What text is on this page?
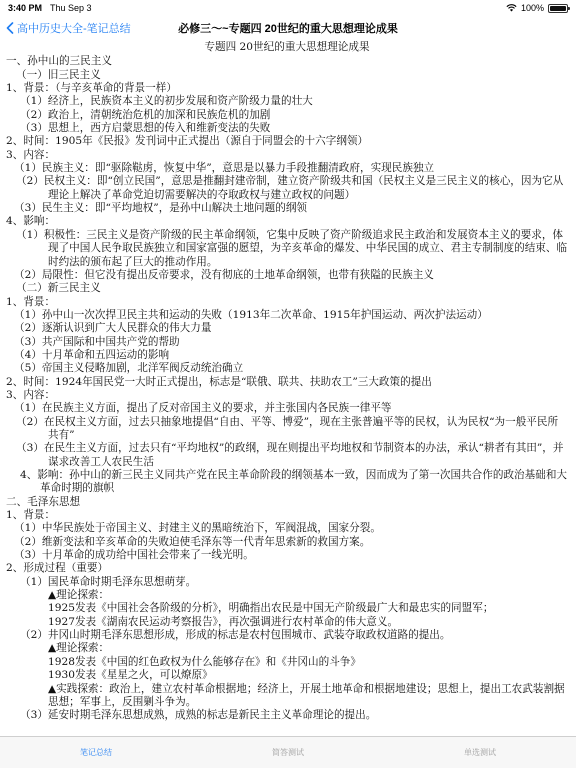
3:40 PM Thu Sep 3	100%
高中历史大全-笔记总结	必修三～~专题四 20世纪的重大思想理论成果
专题四 20世纪的重大思想理论成果
一、孙中山的三民主义
（一）旧三民主义
1、背景：（与辛亥革命的背景一样）
（1）经济上，民族资本主义的初步发展和资产阶级力量的壮大
（2）政治上，清朝统治危机的加深和民族危机的加剧
（3）思想上，西方启蒙思想的传入和维新变法的失败
2、时间：1905年《民报》发刊词中正式提出（源自于同盟会的十六字纲领）
3、内容：
（1）民族主义：即“驱除鞑虏，恢复中华”，意思是以暴力手段推翻清政府，实现民族独立
（2）民权主义：即“创立民国”，意思是推翻封建帝制，建立资产阶级共和国（民权主义是三民主义的核心，因为它从理论上解决了革命党迫切需要解决的夺取政权与建立政权的问题）
（3）民生主义：即“平均地权”，是孙中山解决土地问题的纲领
4、影响：
（1）积极性：三民主义是资产阶级的民主革命纲领，它集中反映了资产阶级追求民主政治和发展资本主义的要求，体现了中国人民争取民族独立和国家富强的愿望，为辛亥革命的爆发、中华民国的成立、君主专制制度的结束、临时约法的颁布起了巨大的推动作用。
（2）局限性：但它没有提出反帝要求，没有彻底的土地革命纲领，也带有狭隘的民族主义
（二）新三民主义
1、背景：
（1）孙中山一次次捍卫民主共和运动的失败（1913年二次革命、1915年护国运动、两次护法运动）
（2）逐渐认识到广大人民群众的伟大力量
（3）共产国际和中国共产党的帮助
（4）十月革命和五四运动的影响
（5）帝国主义侵略加剧，北洋军阀反动统治确立
2、时间：1924年国民党一大时正式提出，标志是“联俄、联共、扶助农工”三大政策的提出
3、内容：
（1）在民族主义方面，提出了反对帝国主义的要求，并主张国内各民族一律平等
（2）在民权主义方面，过去只抽象地提倡“自由、平等、博爱”，现在主张普遍平等的民权，认为民权“为一般平民所共有”
（3）在民生主义方面，过去只有“平均地权”的政纲，现在则提出平均地权和节制资本的办法，承认“耕者有其田”，并谋求改善工人农民生活
4、影响：孙中山的新三民主义同共产党在民主革命阶段的纲领基本一致，因而成为了第一次国共合作的政治基础和大革命时期的旗帜
二、毛泽东思想
1、背景：
（1）中华民族处于帝国主义、封建主义的黑暗统治下，军阀混战，国家分裂。
（2）维新变法和辛亥革命的失败迫使毛泽东等一代青年思索新的救国方案。
（3）十月革命的成功给中国社会带来了一线光明。
2、形成过程（重要）
（1）国民革命时期毛泽东思想萌芽。
▲理论探索：
1925发表《中国社会各阶级的分析》，明确指出农民是中国无产阶级最广大和最忠实的同盟军；
1927发表《湖南农民运动考察报告》，再次强调进行农村革命的伟大意义。
（2）井冈山时期毛泽东思想形成，形成的标志是农村包围城市、武装夺取政权道路的提出。
▲理论探索：
1928发表《中国的红色政权为什么能够存在》和《井冈山的斗争》
1930发表《星星之火，可以燎原》
▲实践探索：政治上，建立农村革命根据地；经济上，开展土地革命和根据地建设；思想上，提出工农武装割据思想；军事上，反围剿斗争为。
（3）延安时期毛泽东思想成熟，成熟的标志是新民主主义革命理论的提出。
笔记总结	简答测试	单选测试
